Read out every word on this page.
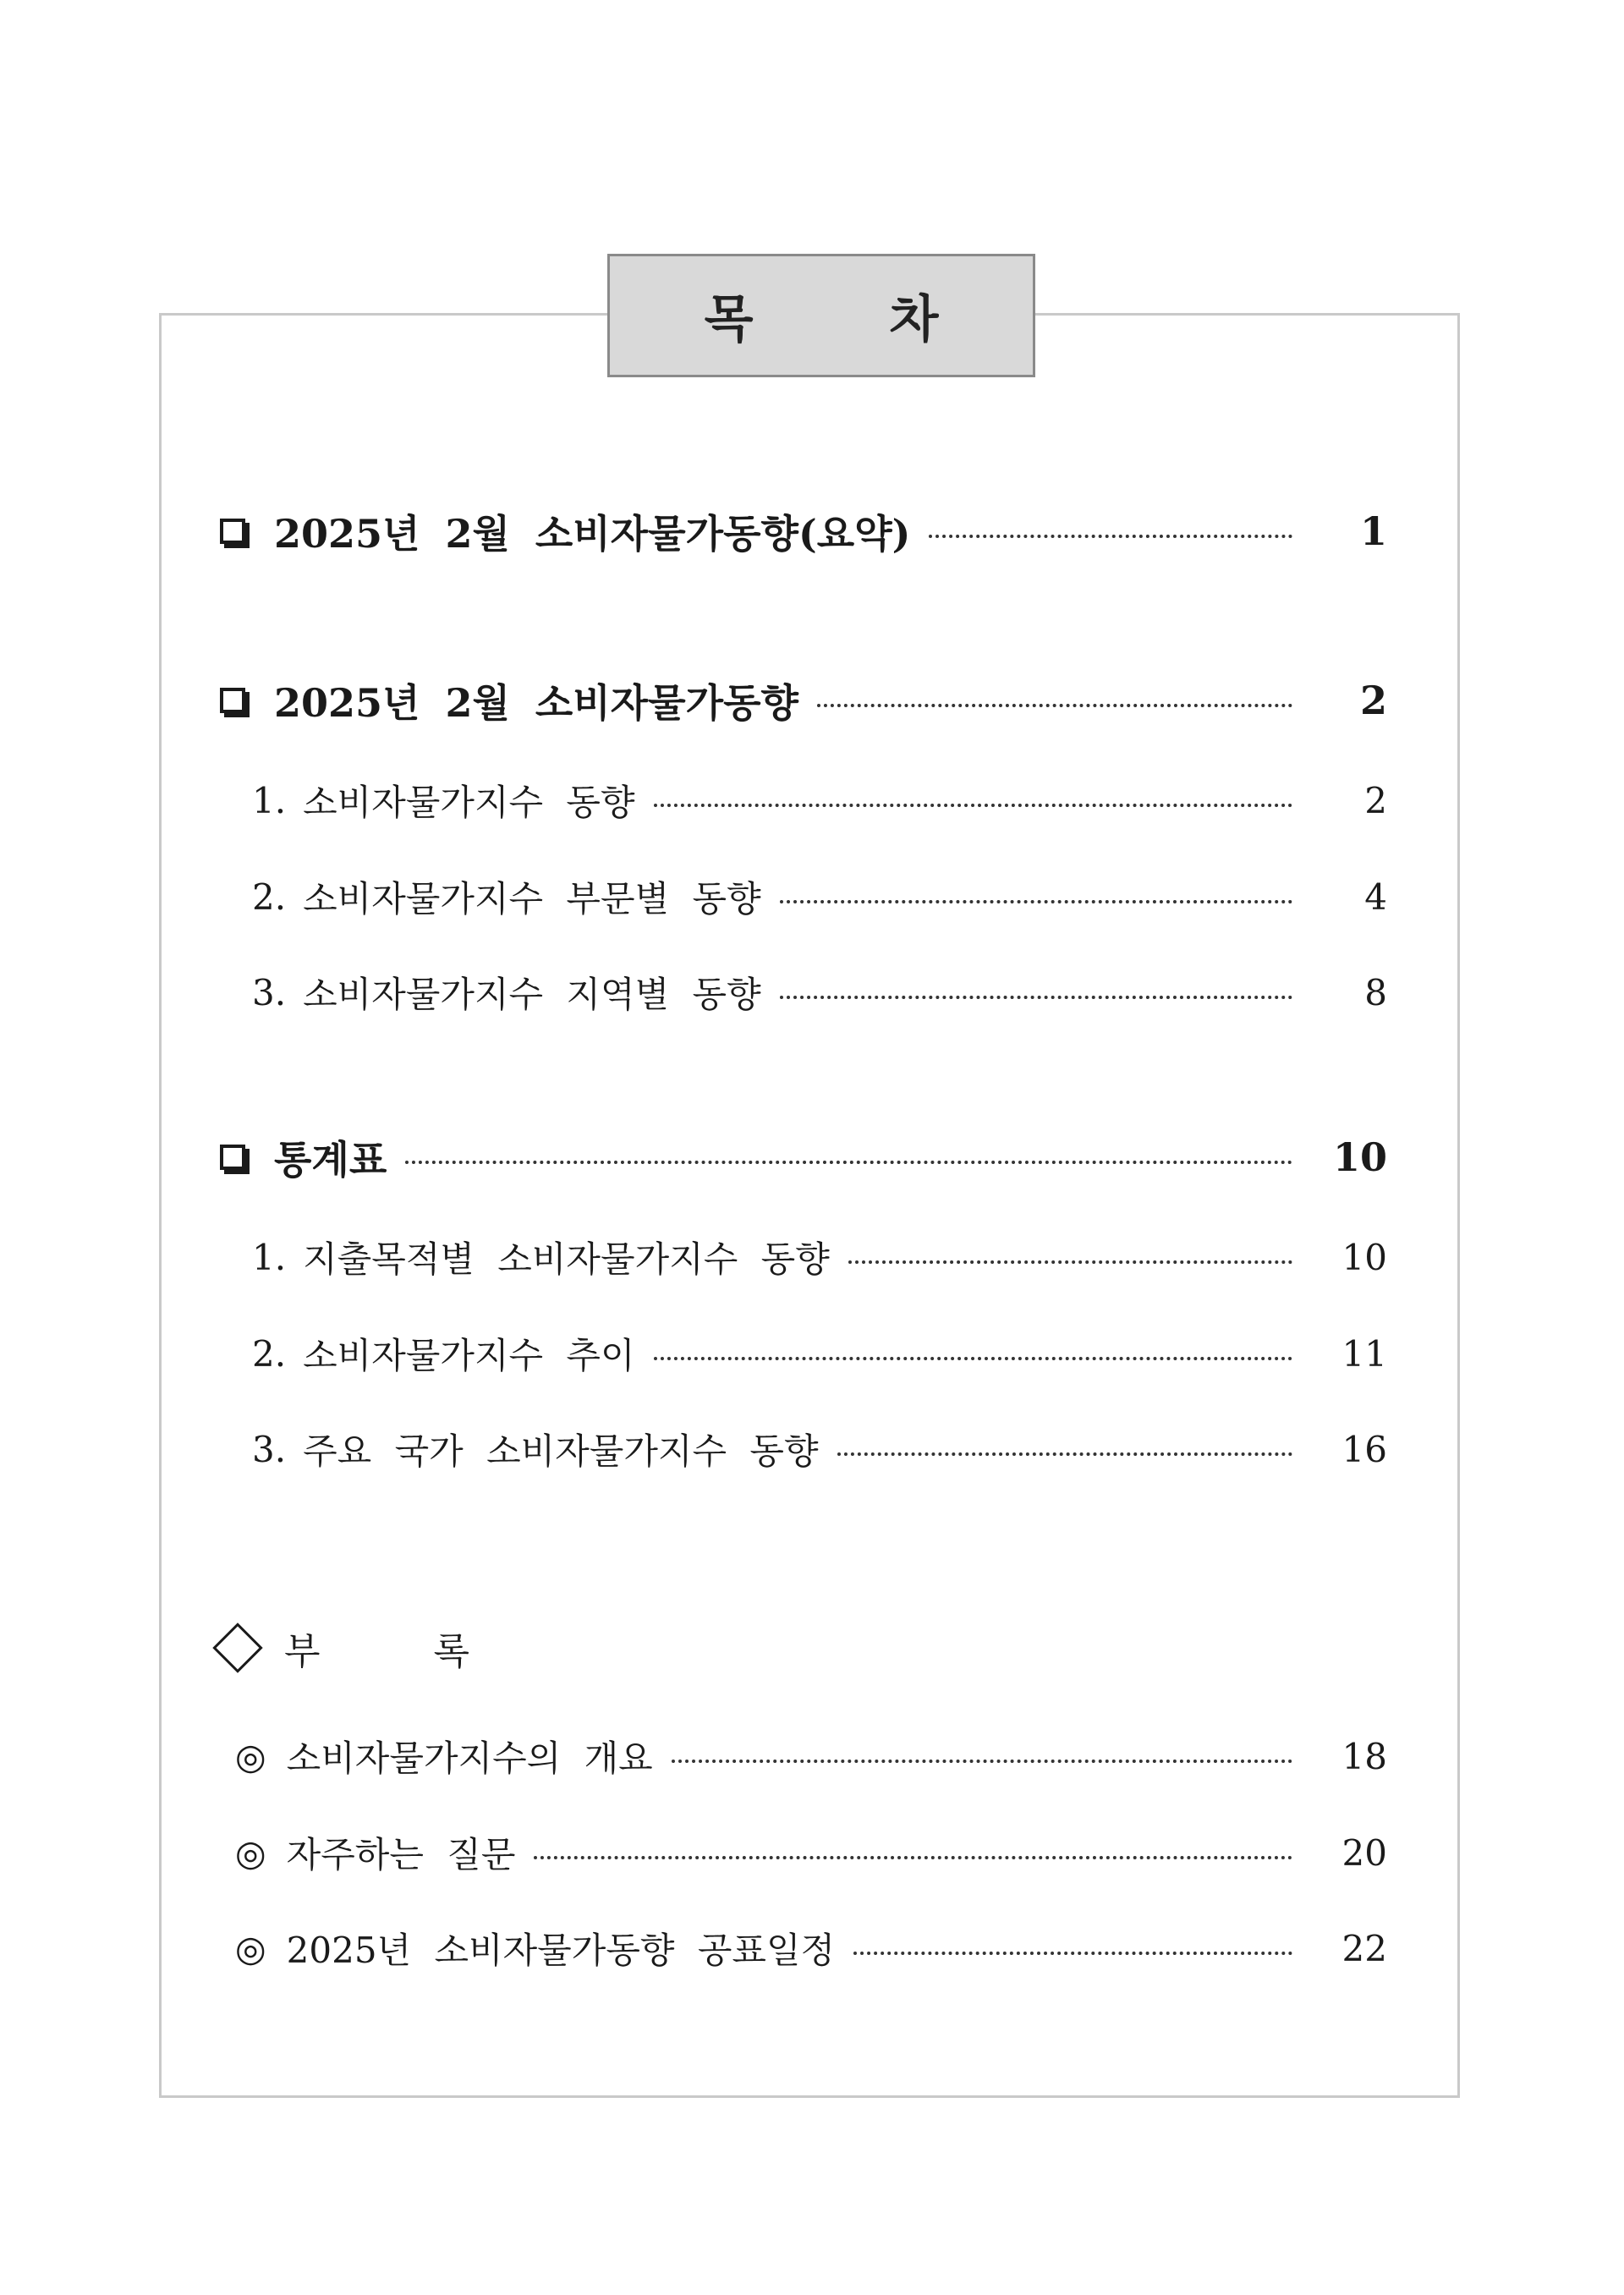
목 차
2025년 2월 소비자물가동향(요약)	1
2025년 2월 소비자물가동향	2
1. 소비자물가지수 동향	2
2. 소비자물가지수 부문별 동향	4
3. 소비자물가지수 지역별 동향	8
통계표	10
1. 지출목적별 소비자물가지수 동향	10
2. 소비자물가지수 추이	11
3. 주요 국가 소비자물가지수 동향	16
부 록
◎ 소비자물가지수의 개요	18
◎ 자주하는 질문	20
◎ 2025년 소비자물가동향 공표일정	22
